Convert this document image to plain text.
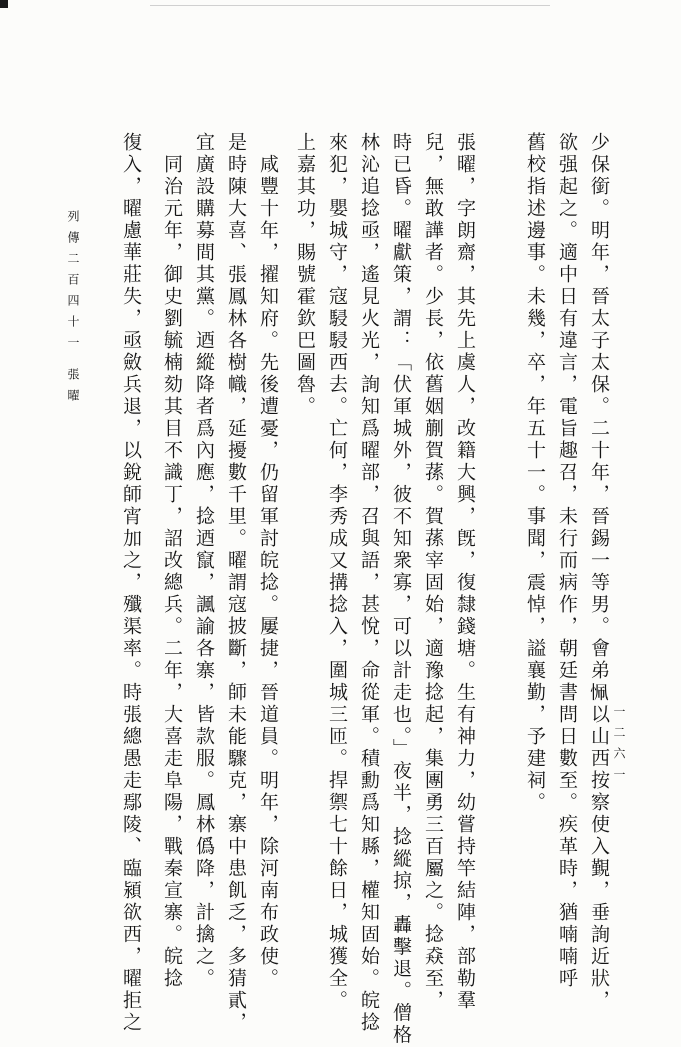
少保銜。明年，晉太子太保。二十年，晉錫一等男。會弟𢙜以山西按察使入覲，垂詢近狀，
欲强起之。適中日有違言，電旨趣召，未行而病作，朝廷書問日數至。疾革時，猶喃喃呼
舊校指述邊事。未幾，卒，年五十一。事聞，震悼，謚襄勤，予建祠。
張曜，字朗齋，其先上虞人，改籍大興，旣，復隸錢塘。生有神力，幼嘗持竿結陣，部勒羣
兒，無敢譁者。少長，依舊姻蒯賀蓀。賀蓀宰固始，適豫捻起，集團勇三百屬之。捻猋至，
時已昏。曜獻策，謂：「伏軍城外，彼不知衆寡，可以計走也。」夜半，捻縱掠，轟擊退。僧格
林沁追捻亟，遙見火光，詢知爲曜部，召與語，甚悅，命從軍。積勳爲知縣，權知固始。皖捻
來犯，嬰城守，寇駸駸西去。亡何，李秀成又搆捻入，圍城三匝。捍禦七十餘日，城獲全。
上嘉其功，賜號霍欽巴圖魯。
　咸豐十年，擢知府。先後遭憂，仍留軍討皖捻。屢捷，晉道員。明年，除河南布政使。
是時陳大喜、張鳳林各樹幟，延擾數千里。曜謂寇披斷，師未能驟克，寨中患飢乏，多猜貳，
宜廣設購募間其黨。迺縱降者爲內應，捻迺竄，諷諭各寨，皆款服。鳳林僞降，計擒之。
　同治元年，御史劉毓楠劾其目不識丁，詔改總兵。二年，大喜走阜陽，戰秦宣寨。皖捻
復入，曜慮華莊失，亟斂兵退，以銳師宵加之，殲渠率。時張總愚走鄢陵、臨潁欲西，曜拒之
列傳二百四十一
張曜
一二六一
